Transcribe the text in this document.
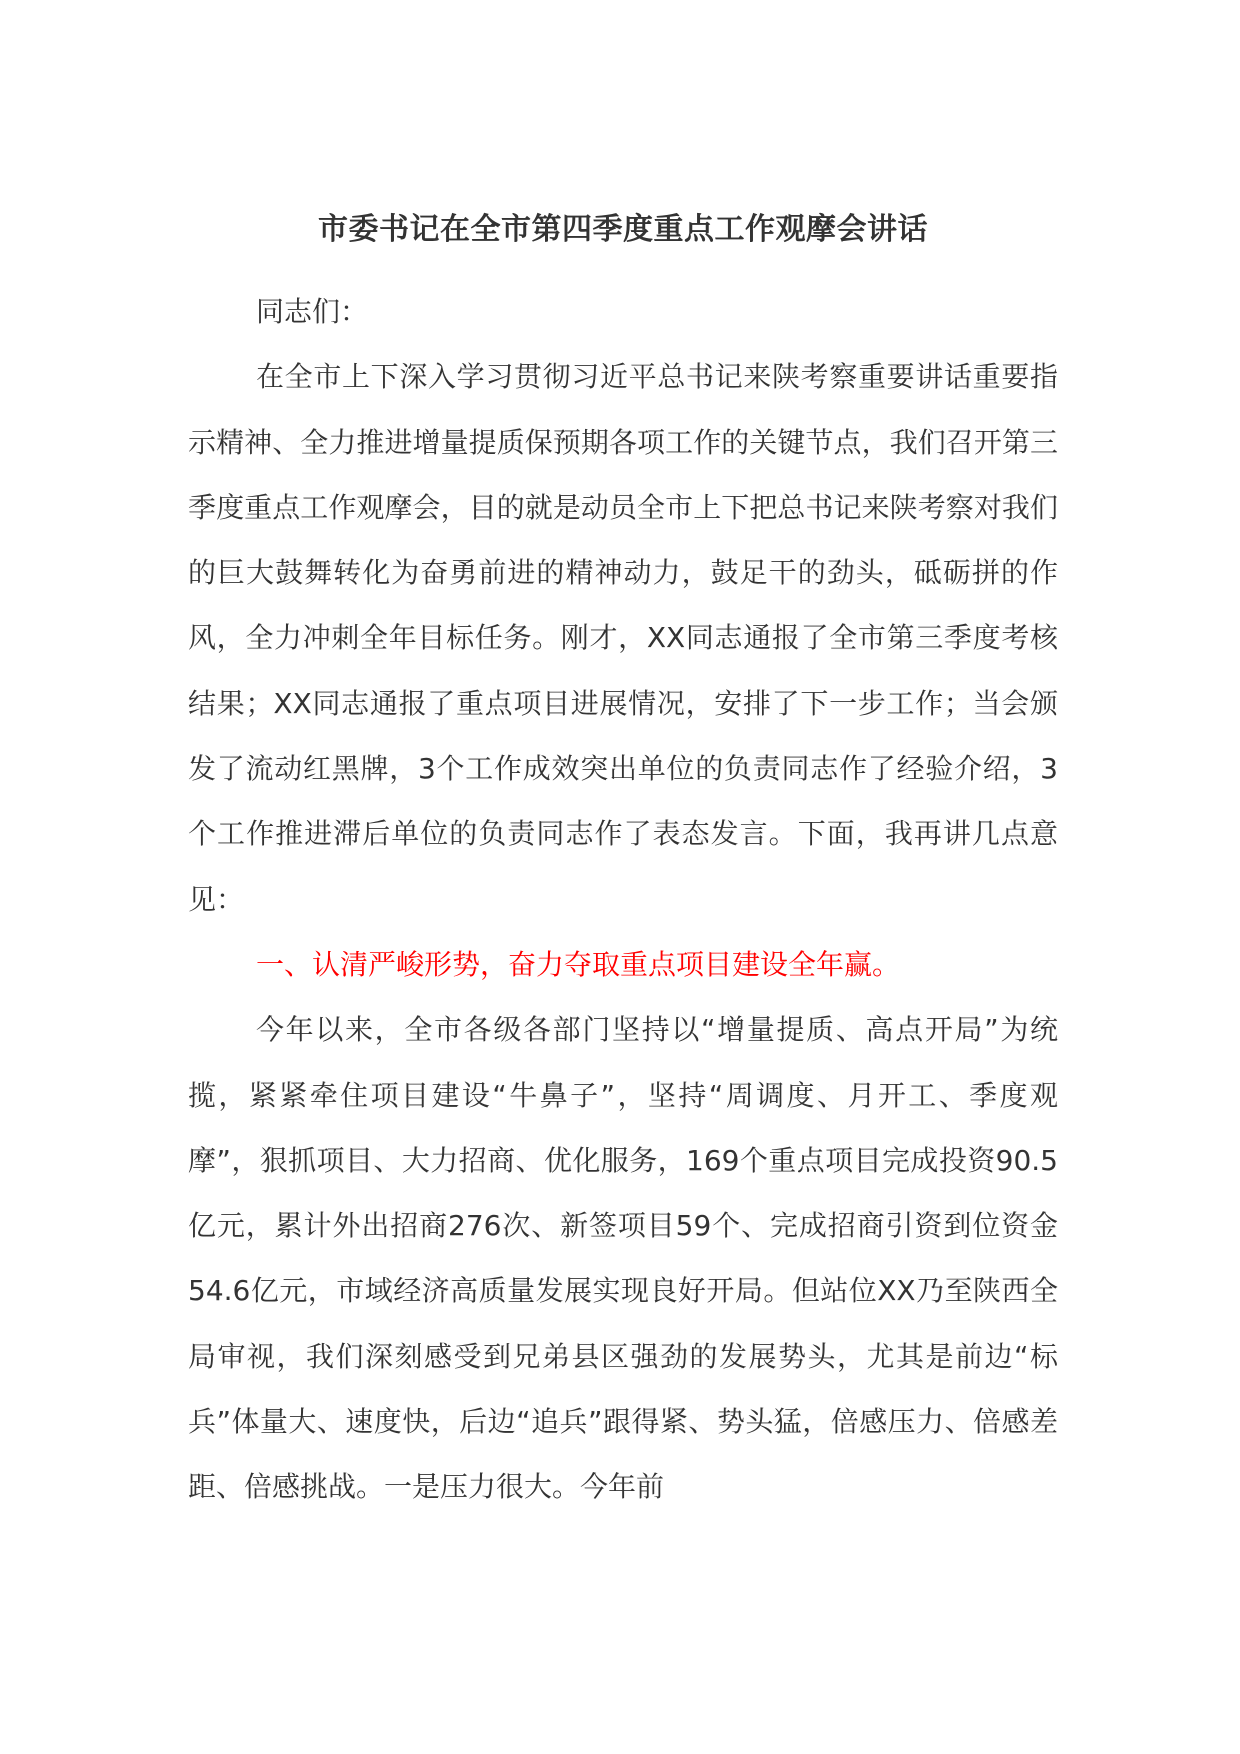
市委书记在全市第四季度重点工作观摩会讲话

同志们：

在全市上下深入学习贯彻习近平总书记来陕考察重要讲话重要指示精神、全力推进增量提质保预期各项工作的关键节点，我们召开第三季度重点工作观摩会，目的就是动员全市上下把总书记来陕考察对我们的巨大鼓舞转化为奋勇前进的精神动力，鼓足干的劲头，砥砺拼的作风，全力冲刺全年目标任务。刚才，XX同志通报了全市第三季度考核结果；XX同志通报了重点项目进展情况，安排了下一步工作；当会颁发了流动红黑牌，3个工作成效突出单位的负责同志作了经验介绍，3个工作推进滞后单位的负责同志作了表态发言。下面，我再讲几点意见：

一、认清严峻形势，奋力夺取重点项目建设全年赢。

今年以来，全市各级各部门坚持以“增量提质、高点开局”为统揽，紧紧牵住项目建设“牛鼻子”，坚持“周调度、月开工、季度观摩”，狠抓项目、大力招商、优化服务，169个重点项目完成投资90.5亿元，累计外出招商276次、新签项目59个、完成招商引资到位资金54.6亿元，市域经济高质量发展实现良好开局。但站位XX乃至陕西全局审视，我们深刻感受到兄弟县区强劲的发展势头，尤其是前边“标兵”体量大、速度快，后边“追兵”跟得紧、势头猛，倍感压力、倍感差距、倍感挑战。一是压力很大。今年前
